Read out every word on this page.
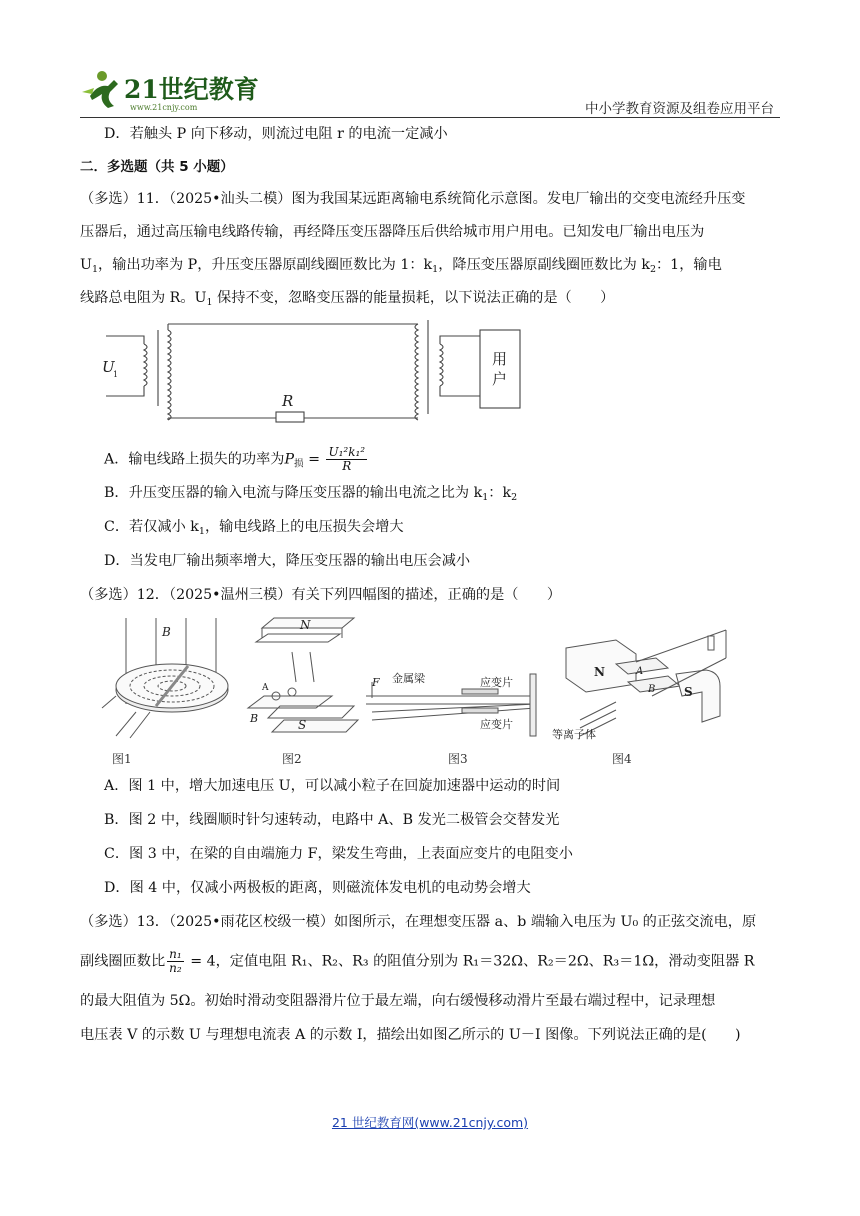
21世纪教育
www.21cnjy.com	中小学教育资源及组卷应用平台
D．若触头 P 向下移动，则流过电阻 r 的电流一定减小
二．多选题（共 5 小题）
（多选）11．（2025•汕头二模）图为我国某远距离输电系统简化示意图。发电厂输出的交变电流经升压变
压器后，通过高压输电线路传输，再经降压变压器降压后供给城市用户用电。已知发电厂输出电压为
$U_1$，输出功率为 P，升压变压器原副线圈匝数比为 1：$k_1$，降压变压器原副线圈匝数比为 $k_2$：1，输电
线路总电阻为 R。$U_1$ 保持不变，忽略变压器的能量损耗，以下说法正确的是（　　）
U
1
R
用
户
A．输电线路上损失的功率为$P_损 = \frac{\text{U₁²k₁²}}{R}$
B．升压变压器的输入电流与降压变压器的输出电流之比为 $k_1$：$k_2$
C．若仅减小 $k_1$，输电线路上的电压损失会增大
D．当发电厂输出频率增大，降压变压器的输出电压会减小
（多选）12．（2025•温州三模）有关下列四幅图的描述，正确的是（　　）
B
图1
N
S
A
B
图2
F 金属梁	应变片
应变片
图3
N	A
B S
等离子体
图4
A．图 1 中，增大加速电压 U，可以减小粒子在回旋加速器中运动的时间
B．图 2 中，线圈顺时针匀速转动，电路中 A、B 发光二极管会交替发光
C．图 3 中，在梁的自由端施力 F，梁发生弯曲，上表面应变片的电阻变小
D．图 4 中，仅减小两极板的距离，则磁流体发电机的电动势会增大
（多选）13．（2025•雨花区校级一模）如图所示，在理想变压器 a、b 端输入电压为 U₀ 的正弦交流电，原
副线圈匝数比 $\frac{\text{n₁}}{\text{n₂}} = 4$，定值电阻 R₁、R₂、R₃ 的阻值分别为 R₁＝32Ω、R₂＝2Ω、R₃＝1Ω，滑动变阻器 R
的最大阻值为 5Ω。初始时滑动变阻器滑片位于最左端，向右缓慢移动滑片至最右端过程中，记录理想
电压表 V 的示数 U 与理想电流表 A 的示数 I，描绘出如图乙所示的 U－I 图像。下列说法正确的是(　　)
21 世纪教育网(www.21cnjy.com)
